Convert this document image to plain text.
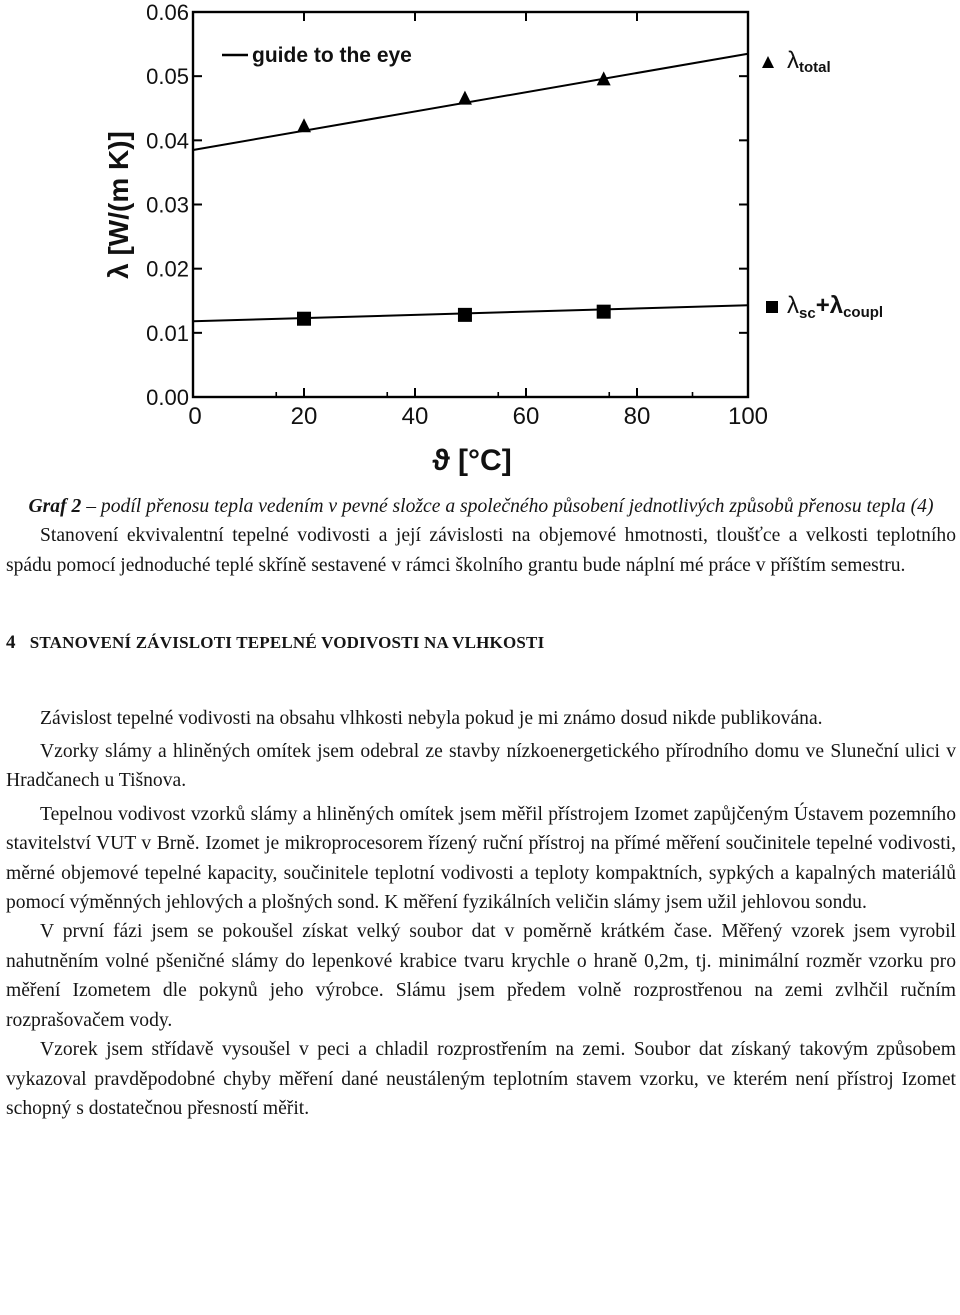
0	20	40	60	80	100
0.00
0.01
0.02
0.03
0.04
0.05
0.06
ϑ [°C]
λ [W/(m K)]
guide to the eye	λtotal
$\lambda_{sc}+\lambda coupl$

Graf 2 – podíl přenosu tepla vedením v pevné složce a společného působení jednotlivých způsobů přenosu tepla (4)

Stanovení ekvivalentní tepelné vodivosti a její závislosti na objemové hmotnosti, tloušťce a velkosti teplotního spádu pomocí jednoduché teplé skříně sestavené v rámci školního grantu bude náplní mé práce v příštím semestru.

4 STANOVENÍ ZÁVISLOTI TEPELNÉ VODIVOSTI NA VLHKOSTI

Závislost tepelné vodivosti na obsahu vlhkosti nebyla pokud je mi známo dosud nikde publikována.

Vzorky slámy a hliněných omítek jsem odebral ze stavby nízkoenergetického přírodního domu ve Sluneční ulici v Hradčanech u Tišnova.

Tepelnou vodivost vzorků slámy a hliněných omítek jsem měřil přístrojem Izomet zapůjčeným Ústavem pozemního stavitelství VUT v Brně. Izomet je mikroprocesorem řízený ruční přístroj na přímé měření součinitele tepelné vodivosti, měrné objemové tepelné kapacity, součinitele teplotní vodivosti a teploty kompaktních, sypkých a kapalných materiálů pomocí výměnných jehlových a plošných sond. K měření fyzikálních veličin slámy jsem užil jehlovou sondu.

V první fázi jsem se pokoušel získat velký soubor dat v poměrně krátkém čase. Měřený vzorek jsem vyrobil nahutněním volné pšeničné slámy do lepenkové krabice tvaru krychle o hraně 0,2m, tj. minimální rozměr vzorku pro měření Izometem dle pokynů jeho výrobce. Slámu jsem předem volně rozprostřenou na zemi zvlhčil ručním rozprašovačem vody.

Vzorek jsem střídavě vysoušel v peci a chladil rozprostřením na zemi. Soubor dat získaný takovým způsobem vykazoval pravděpodobné chyby měření dané neustáleným teplotním stavem vzorku, ve kterém není přístroj Izomet schopný s dostatečnou přesností měřit.
